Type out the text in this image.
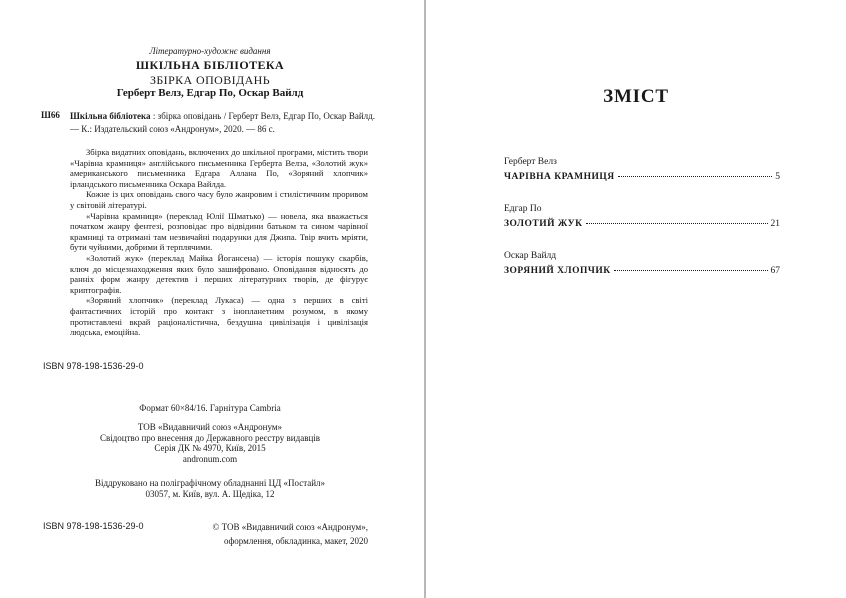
Літературно-художнє видання
ШКІЛЬНА БІБЛІОТЕКА
ЗБІРКА ОПОВІДАНЬ
Герберт Велз, Едгар По, Оскар Вайлд
Ш66 Шкільна бібліотека : збірка оповідань / Герберт Велз, Едгар По, Оскар Вайлд. — К.: Издательский союз «Андронум», 2020. — 86 с.

Збірка видатних оповідань, включених до шкільної програми, містить твори «Чарівна крамниця» англійського письменника Герберта Велза, «Золотий жук» американського письменника Едгара Аллана По, «Зоряний хлопчик» ірландського письменника Оскара Вайлда.

Кожне із цих оповідань свого часу було жанровим і стилістичним проривом у світовій літературі.

«Чарівна крамниця» (переклад Юлії Шматько) — новела, яка вважається початком жанру фентезі, розповідає про відвідини батьком та сином чарівної крамниці та отримані там незвичайні подарунки для Джипа. Твір вчить мріяти, бути чуйними, добрими й терплячими.

«Золотий жук» (переклад Майка Йогансена) — історія пошуку скарбів, ключ до місцезнаходження яких було зашифровано. Оповідання відносять до ранніх форм жанру детектив і перших літературних творів, де фігурує криптографія.

«Зоряний хлопчик» (переклад Лукаса) — одна з перших в світі фантастичних історій про контакт з інопланетним розумом, в якому протиставлені вкрай раціоналістична, бездушна цивілізація і цивілізація людська, емоційна.

ISBN 978-198-1536-29-0
Формат 60×84/16. Гарнітура Cambria
ТОВ «Видавничий союз «Андронум»
Свідоцтво про внесення до Державного реєстру видавців
Серія ДК № 4970, Київ, 2015
andronum.com
Віддруковано на поліграфічному обладнанні ЦД «Постайл»
03057, м. Київ, вул. А. Щедіка, 12
ISBN 978-198-1536-29-0	© ТОВ «Видавничий союз «Андронум»,
оформлення, обкладинка, макет, 2020
ЗМІСТ
Герберт Велз
ЧАРІВНА КРАМНИЦЯ	5
Едгар По
ЗОЛОТИЙ ЖУК	21
Оскар Вайлд
ЗОРЯНИЙ ХЛОПЧИК	67
